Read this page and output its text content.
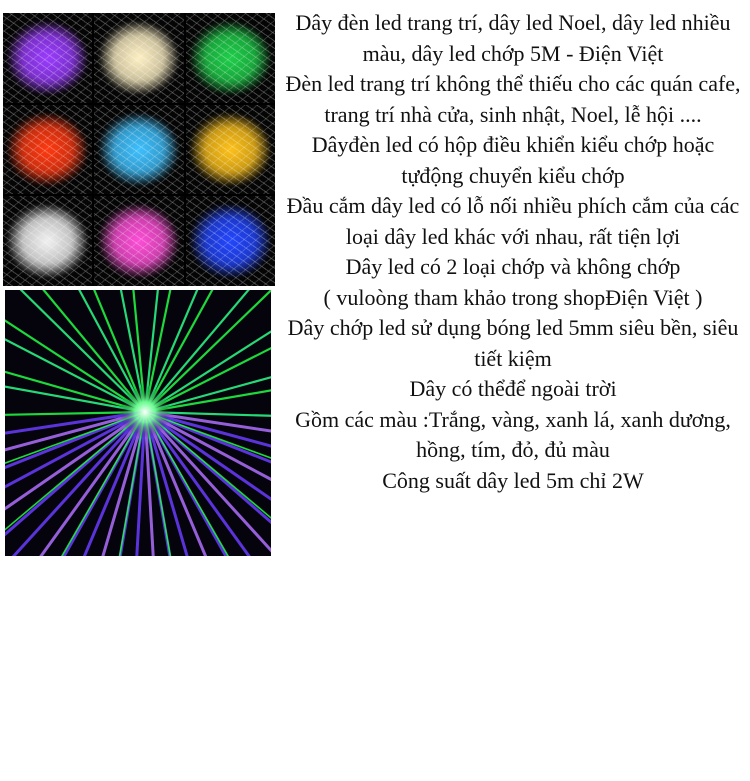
Dây đèn led trang trí, dây led Noel, dây led nhiều màu, dây led chớp 5M - Điện Việt

Đèn led trang trí không thể thiếu cho các quán cafe, trang trí nhà cửa, sinh nhật, Noel, lễ hội ....

Dâyđèn led có hộp điều khiển kiểu chớp hoặc tựđộng chuyển kiểu chớp

Đầu cắm dây led có lỗ nối nhiều phích cắm của các loại dây led khác với nhau, rất tiện lợi

Dây led có 2 loại chớp và không chớp

( vuloòng tham khảo trong shopĐiện Việt )

Dây chớp led sử dụng bóng led 5mm siêu bền, siêu tiết kiệm

Dây có thểđể ngoài trời

Gồm các màu :Trắng, vàng, xanh lá, xanh dương, hồng, tím, đỏ, đủ màu

Công suất dây led 5m chỉ 2W
